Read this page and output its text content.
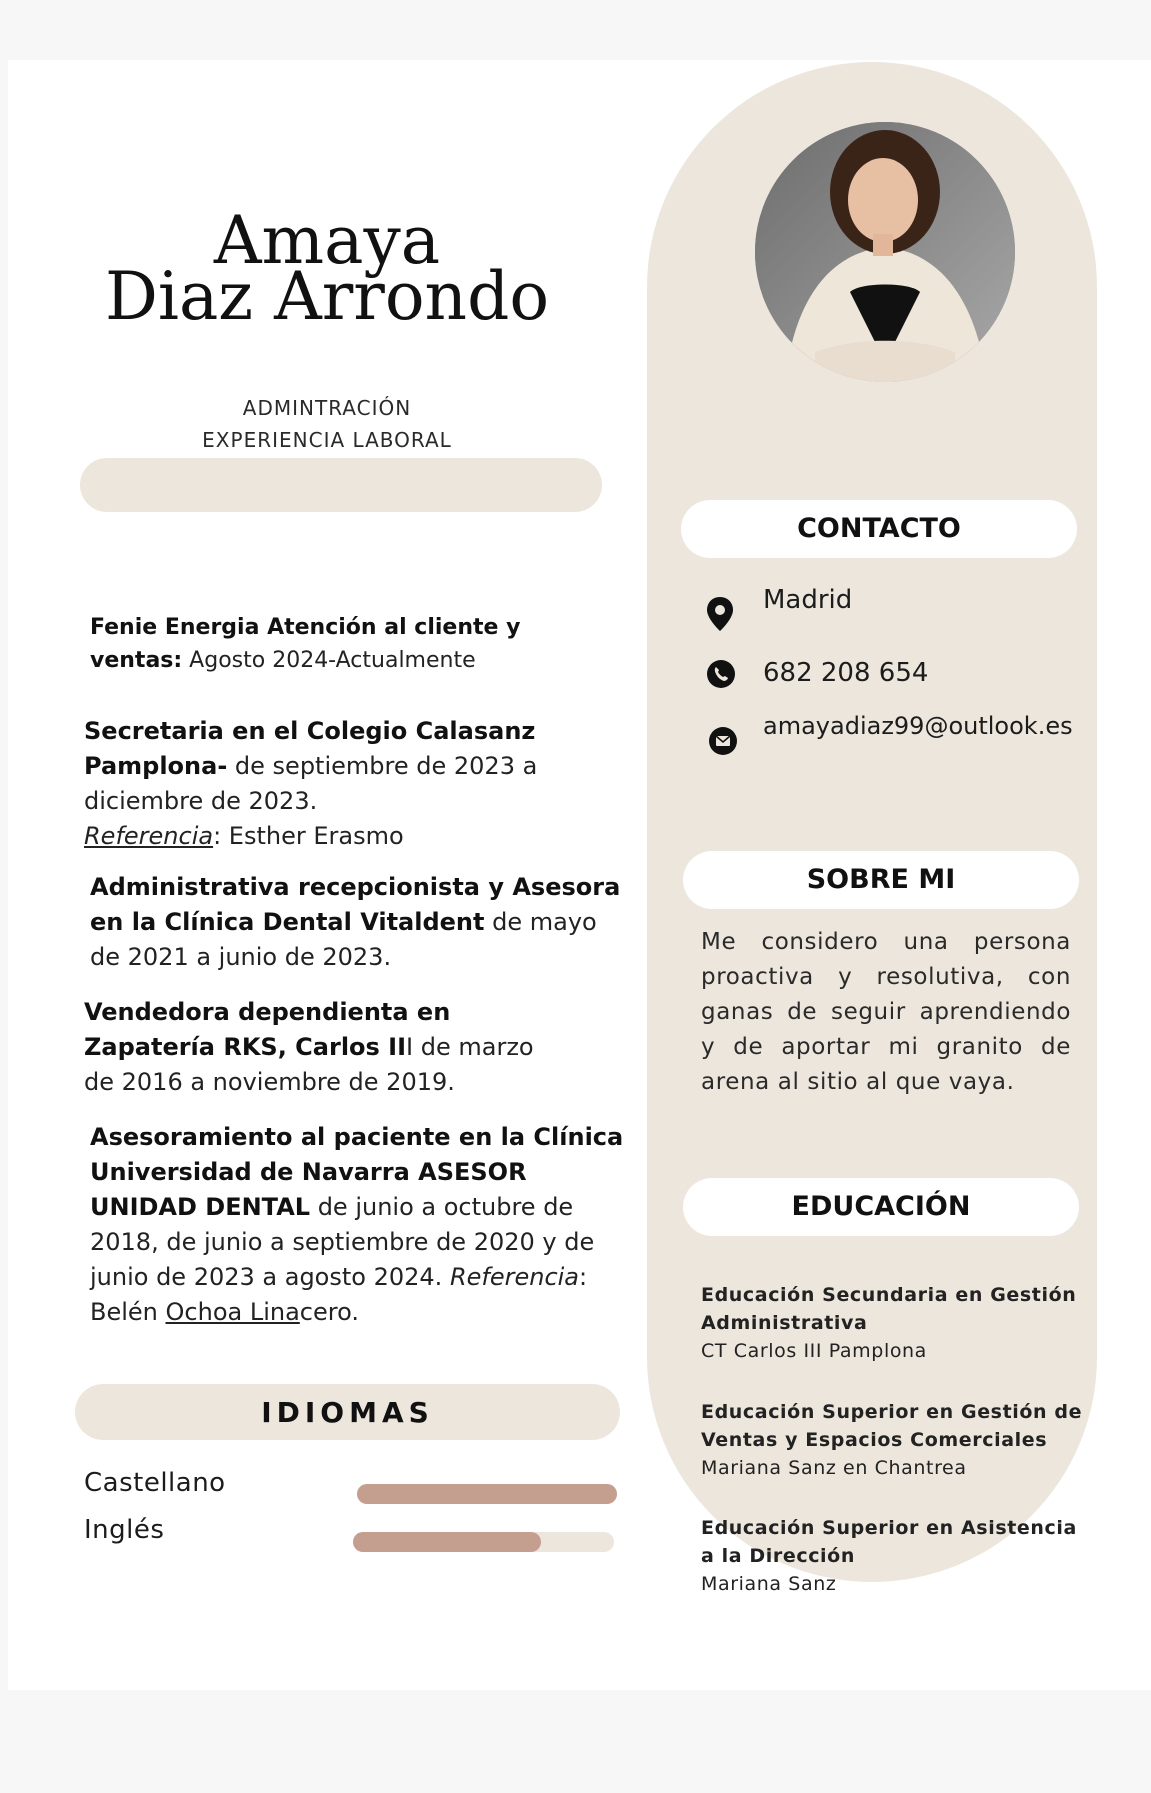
Amaya
Diaz Arrondo
ADMINTRACIÓN
EXPERIENCIA LABORAL
Fenie Energia Atención al cliente y ventas: Agosto 2024-Actualmente
Secretaria en el Colegio Calasanz Pamplona- de septiembre de 2023 a diciembre de 2023.
Referencia: Esther Erasmo
Administrativa recepcionista y Asesora en la Clínica Dental Vitaldent de mayo de 2021 a junio de 2023.
Vendedora dependienta en Zapatería RKS, Carlos III de marzo de 2016 a noviembre de 2019.
Asesoramiento al paciente en la Clínica Universidad de Navarra ASESOR UNIDAD DENTAL de junio a octubre de 2018, de junio a septiembre de 2020 y de junio de 2023 a agosto 2024. Referencia: Belén Ochoa Linacero.
IDIOMAS
Castellano
Inglés
CONTACTO
Madrid
682 208 654
amayadiaz99@outlook.es
SOBRE MI
Me considero una persona proactiva y resolutiva, con ganas de seguir aprendiendo y de aportar mi granito de arena al sitio al que vaya.
EDUCACIÓN
Educación Secundaria en Gestión Administrativa
CT Carlos III Pamplona
Educación Superior en Gestión de Ventas y Espacios Comerciales
Mariana Sanz en Chantrea
Educación Superior en Asistencia a la Dirección
Mariana Sanz
